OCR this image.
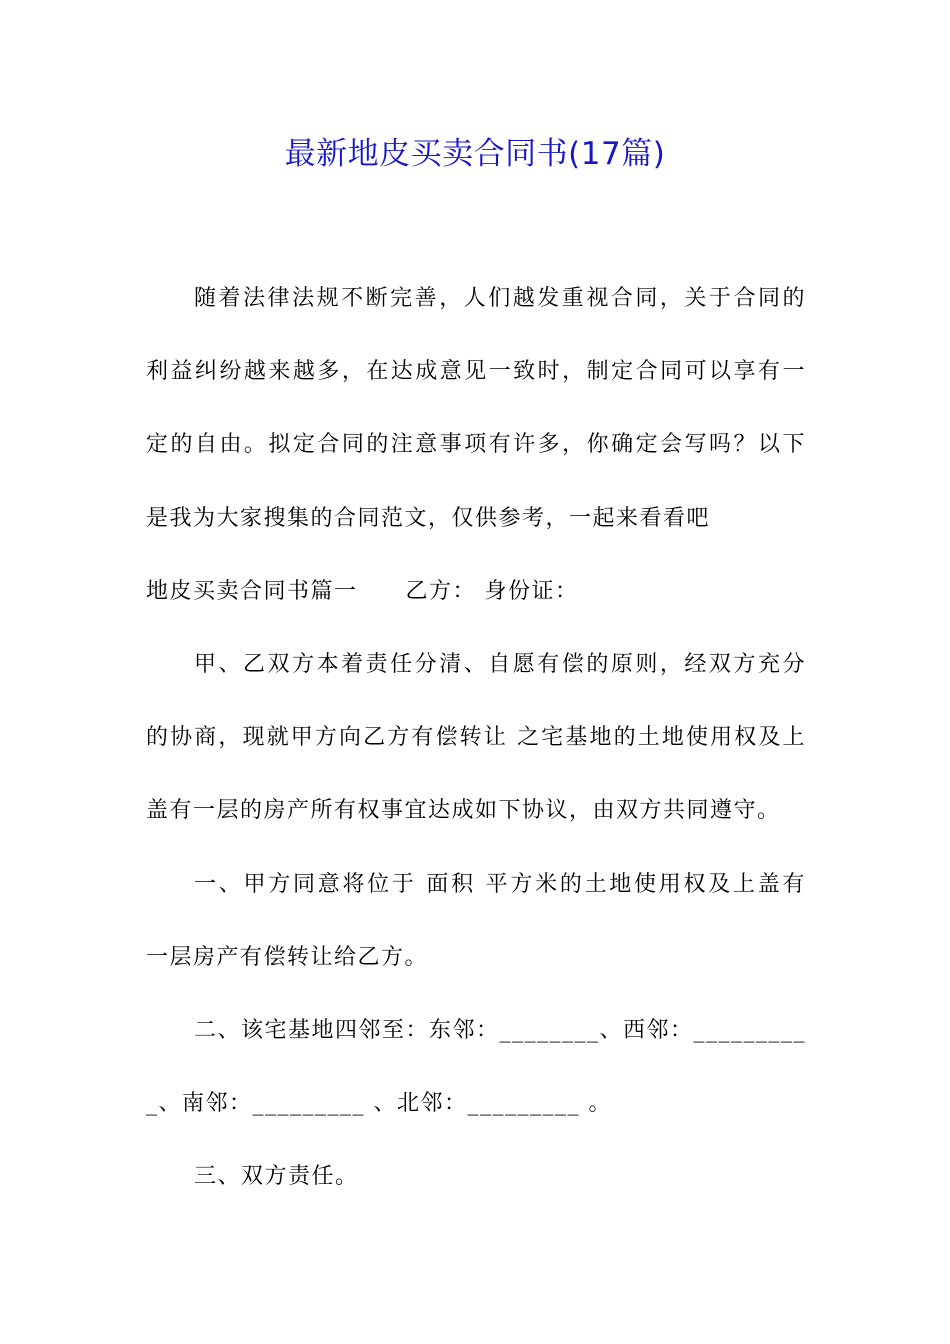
最新地皮买卖合同书(17篇)

随着法律法规不断完善，人们越发重视合同，关于合同的
利益纠纷越来越多，在达成意见一致时，制定合同可以享有一
定的自由。拟定合同的注意事项有许多，你确定会写吗？以下
是我为大家搜集的合同范文，仅供参考，一起来看看吧

地皮买卖合同书篇一 乙方： 身份证：

甲、乙双方本着责任分清、自愿有偿的原则，经双方充分
的协商，现就甲方向乙方有偿转让 之宅基地的土地使用权及上
盖有一层的房产所有权事宜达成如下协议，由双方共同遵守。

一、甲方同意将位于 面积 平方米的土地使用权及上盖有
一层房产有偿转让给乙方。

二、该宅基地四邻至：东邻：________、西邻：_________
_、南邻：_________ 、北邻：_________ 。

三、双方责任。
